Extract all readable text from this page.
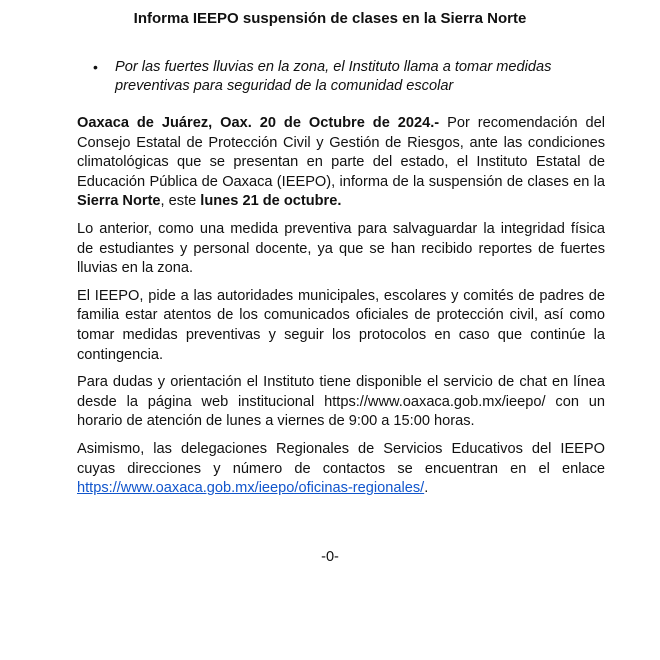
Informa IEEPO suspensión de clases en la Sierra Norte
•	Por las fuertes lluvias en la zona, el Instituto llama a tomar medidas preventivas para seguridad de la comunidad escolar

Oaxaca de Juárez, Oax. 20 de Octubre de 2024.- Por recomendación del Consejo Estatal de Protección Civil y Gestión de Riesgos, ante las condiciones climatológicas que se presentan en parte del estado, el Instituto Estatal de Educación Pública de Oaxaca (IEEPO), informa de la suspensión de clases en la Sierra Norte, este lunes 21 de octubre.

Lo anterior, como una medida preventiva para salvaguardar la integridad física de estudiantes y personal docente, ya que se han recibido reportes de fuertes lluvias en la zona.

El IEEPO, pide a las autoridades municipales, escolares y comités de padres de familia estar atentos de los comunicados oficiales de protección civil, así como tomar medidas preventivas y seguir los protocolos en caso que continúe la contingencia.

Para dudas y orientación el Instituto tiene disponible el servicio de chat en línea desde la página web institucional https://www.oaxaca.gob.mx/ieepo/ con un horario de atención de lunes a viernes de 9:00 a 15:00 horas.

Asimismo, las delegaciones Regionales de Servicios Educativos del IEEPO cuyas direcciones y número de contactos se encuentran en el enlace https://www.oaxaca.gob.mx/ieepo/oficinas-regionales/.

-0-
